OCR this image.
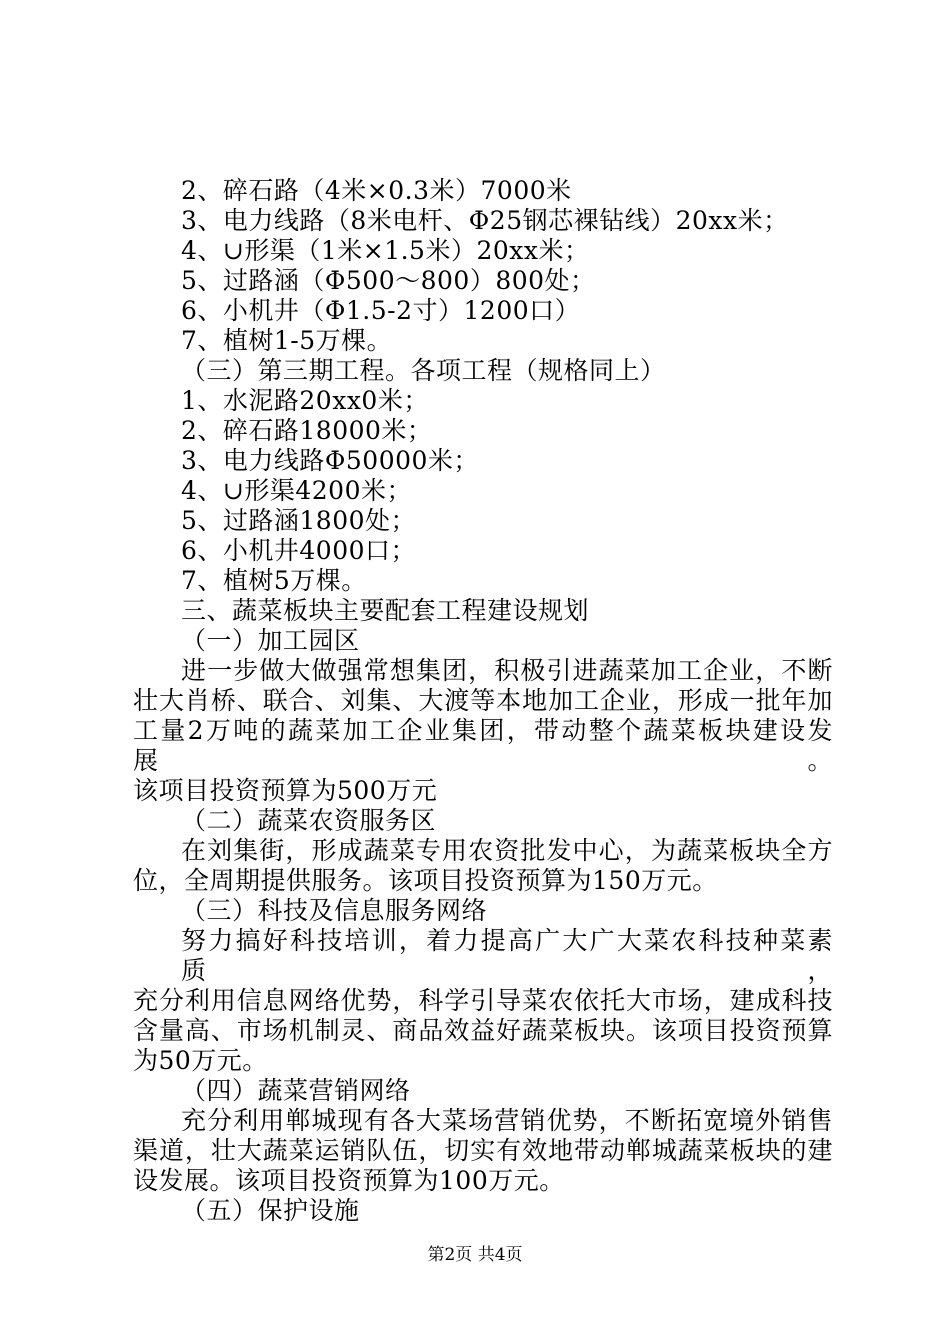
2、碎石路（4米×0.3米）7000米
3、电力线路（8米电杆、Φ25钢芯裸钻线）20xx米；
4、∪形渠（1米×1.5米）20xx米；
5、过路涵（Φ500～800）800处；
6、小机井（Φ1.5-2寸）1200口）
7、植树1-5万棵。
（三）第三期工程。各项工程（规格同上）
1、水泥路20xx0米；
2、碎石路18000米；
3、电力线路Φ50000米；
4、∪形渠4200米；
5、过路涵1800处；
6、小机井4000口；
7、植树5万棵。
三、蔬菜板块主要配套工程建设规划
（一）加工园区
进一步做大做强常想集团，积极引进蔬菜加工企业，不断
壮大肖桥、联合、刘集、大渡等本地加工企业，形成一批年加
工量2万吨的蔬菜加工企业集团，带动整个蔬菜板块建设发展。
该项目投资预算为500万元
（二）蔬菜农资服务区
在刘集街，形成蔬菜专用农资批发中心，为蔬菜板块全方
位，全周期提供服务。该项目投资预算为150万元。
（三）科技及信息服务网络
努力搞好科技培训，着力提高广大广大菜农科技种菜素质，
充分利用信息网络优势，科学引导菜农依托大市场，建成科技
含量高、市场机制灵、商品效益好蔬菜板块。该项目投资预算
为50万元。
（四）蔬菜营销网络
充分利用郸城现有各大菜场营销优势，不断拓宽境外销售
渠道，壮大蔬菜运销队伍，切实有效地带动郸城蔬菜板块的建
设发展。该项目投资预算为100万元。
（五）保护设施
第2页 共4页
